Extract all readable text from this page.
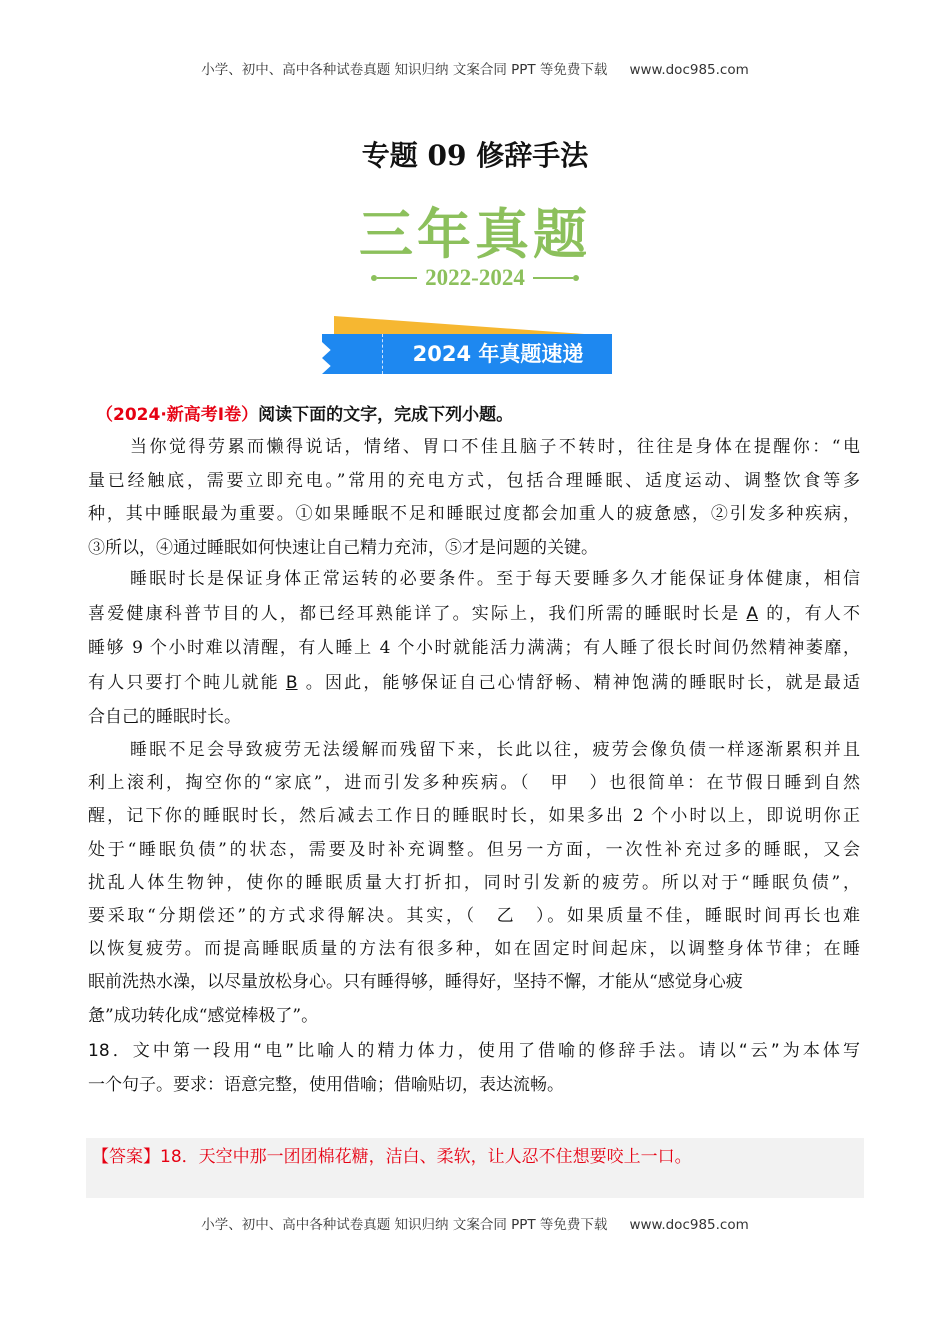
小学、初中、高中各种试卷真题 知识归纳 文案合同 PPT 等免费下载 www.doc985.com
专题 09 修辞手法
三年真题
2022-2024
2024 年真题速递
（2024·新高考Ⅰ卷）阅读下面的文字，完成下列小题。
当你觉得劳累而懒得说话，情绪、胃口不佳且脑子不转时，往往是身体在提醒你：“电
量已经触底，需要立即充电。”常用的充电方式，包括合理睡眠、适度运动、调整饮食等多
种，其中睡眠最为重要。①如果睡眠不足和睡眠过度都会加重人的疲惫感，②引发多种疾病，
③所以，④通过睡眠如何快速让自己精力充沛，⑤才是问题的关键。
睡眠时长是保证身体正常运转的必要条件。至于每天要睡多久才能保证身体健康，相信
喜爱健康科普节目的人，都已经耳熟能详了。实际上，我们所需的睡眠时长是 A 的，有人不
睡够 9 个小时难以清醒，有人睡上 4 个小时就能活力满满；有人睡了很长时间仍然精神萎靡，
有人只要打个盹儿就能 B 。因此，能够保证自己心情舒畅、精神饱满的睡眠时长，就是最适
合自己的睡眠时长。
睡眠不足会导致疲劳无法缓解而残留下来，长此以往，疲劳会像负债一样逐渐累积并且
利上滚利，掏空你的“家底”，进而引发多种疾病。（　甲　）也很简单：在节假日睡到自然
醒，记下你的睡眠时长，然后减去工作日的睡眠时长，如果多出 2 个小时以上，即说明你正
处于“睡眠负债”的状态，需要及时补充调整。但另一方面，一次性补充过多的睡眠，又会
扰乱人体生物钟，使你的睡眠质量大打折扣，同时引发新的疲劳。所以对于“睡眠负债”，
要采取“分期偿还”的方式求得解决。其实，（　乙　）。如果质量不佳，睡眠时间再长也难
以恢复疲劳。而提高睡眠质量的方法有很多种，如在固定时间起床，以调整身体节律；在睡
眠前洗热水澡，以尽量放松身心。只有睡得够，睡得好，坚持不懈，才能从“感觉身心疲
惫”成功转化成“感觉棒极了”。
18．文中第一段用“电”比喻人的精力体力，使用了借喻的修辞手法。请以“云”为本体写
一个句子。要求：语意完整，使用借喻；借喻贴切，表达流畅。
【答案】18．天空中那一团团棉花糖，洁白、柔软，让人忍不住想要咬上一口。
小学、初中、高中各种试卷真题 知识归纳 文案合同 PPT 等免费下载 www.doc985.com
